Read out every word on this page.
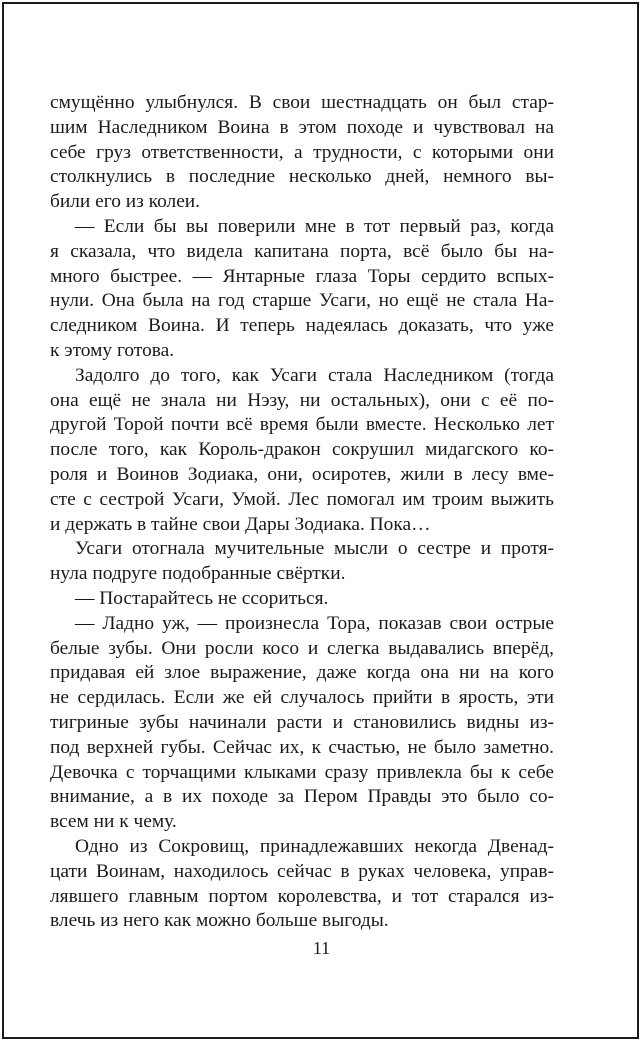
смущённо улыбнулся. В свои шестнадцать он был стар-
шим Наследником Воина в этом походе и чувствовал на
себе груз ответственности, а трудности, с которыми они
столкнулись в последние несколько дней, немного вы-
били его из колеи.
— Если бы вы поверили мне в тот первый раз, когда
я сказала, что видела капитана порта, всё было бы на-
много быстрее. — Янтарные глаза Торы сердито вспых-
нули. Она была на год старше Усаги, но ещё не стала На-
следником Воина. И теперь надеялась доказать, что уже
к этому готова.
Задолго до того, как Усаги стала Наследником (тогда
она ещё не знала ни Нэзу, ни остальных), они с её по-
другой Торой почти всё время были вместе. Несколько лет
после того, как Король-дракон сокрушил мидагского ко-
роля и Воинов Зодиака, они, осиротев, жили в лесу вме-
сте с сестрой Усаги, Умой. Лес помогал им троим выжить
и держать в тайне свои Дары Зодиака. Пока…
Усаги отогнала мучительные мысли о сестре и протя-
нула подруге подобранные свёртки.
— Постарайтесь не ссориться.
— Ладно уж, — произнесла Тора, показав свои острые
белые зубы. Они росли косо и слегка выдавались вперёд,
придавая ей злое выражение, даже когда она ни на кого
не сердилась. Если же ей случалось прийти в ярость, эти
тигриные зубы начинали расти и становились видны из-
под верхней губы. Сейчас их, к счастью, не было заметно.
Девочка с торчащими клыками сразу привлекла бы к себе
внимание, а в их походе за Пером Правды это было со-
всем ни к чему.
Одно из Сокровищ, принадлежавших некогда Двенад-
цати Воинам, находилось сейчас в руках человека, управ-
лявшего главным портом королевства, и тот старался из-
влечь из него как можно больше выгоды.
11
